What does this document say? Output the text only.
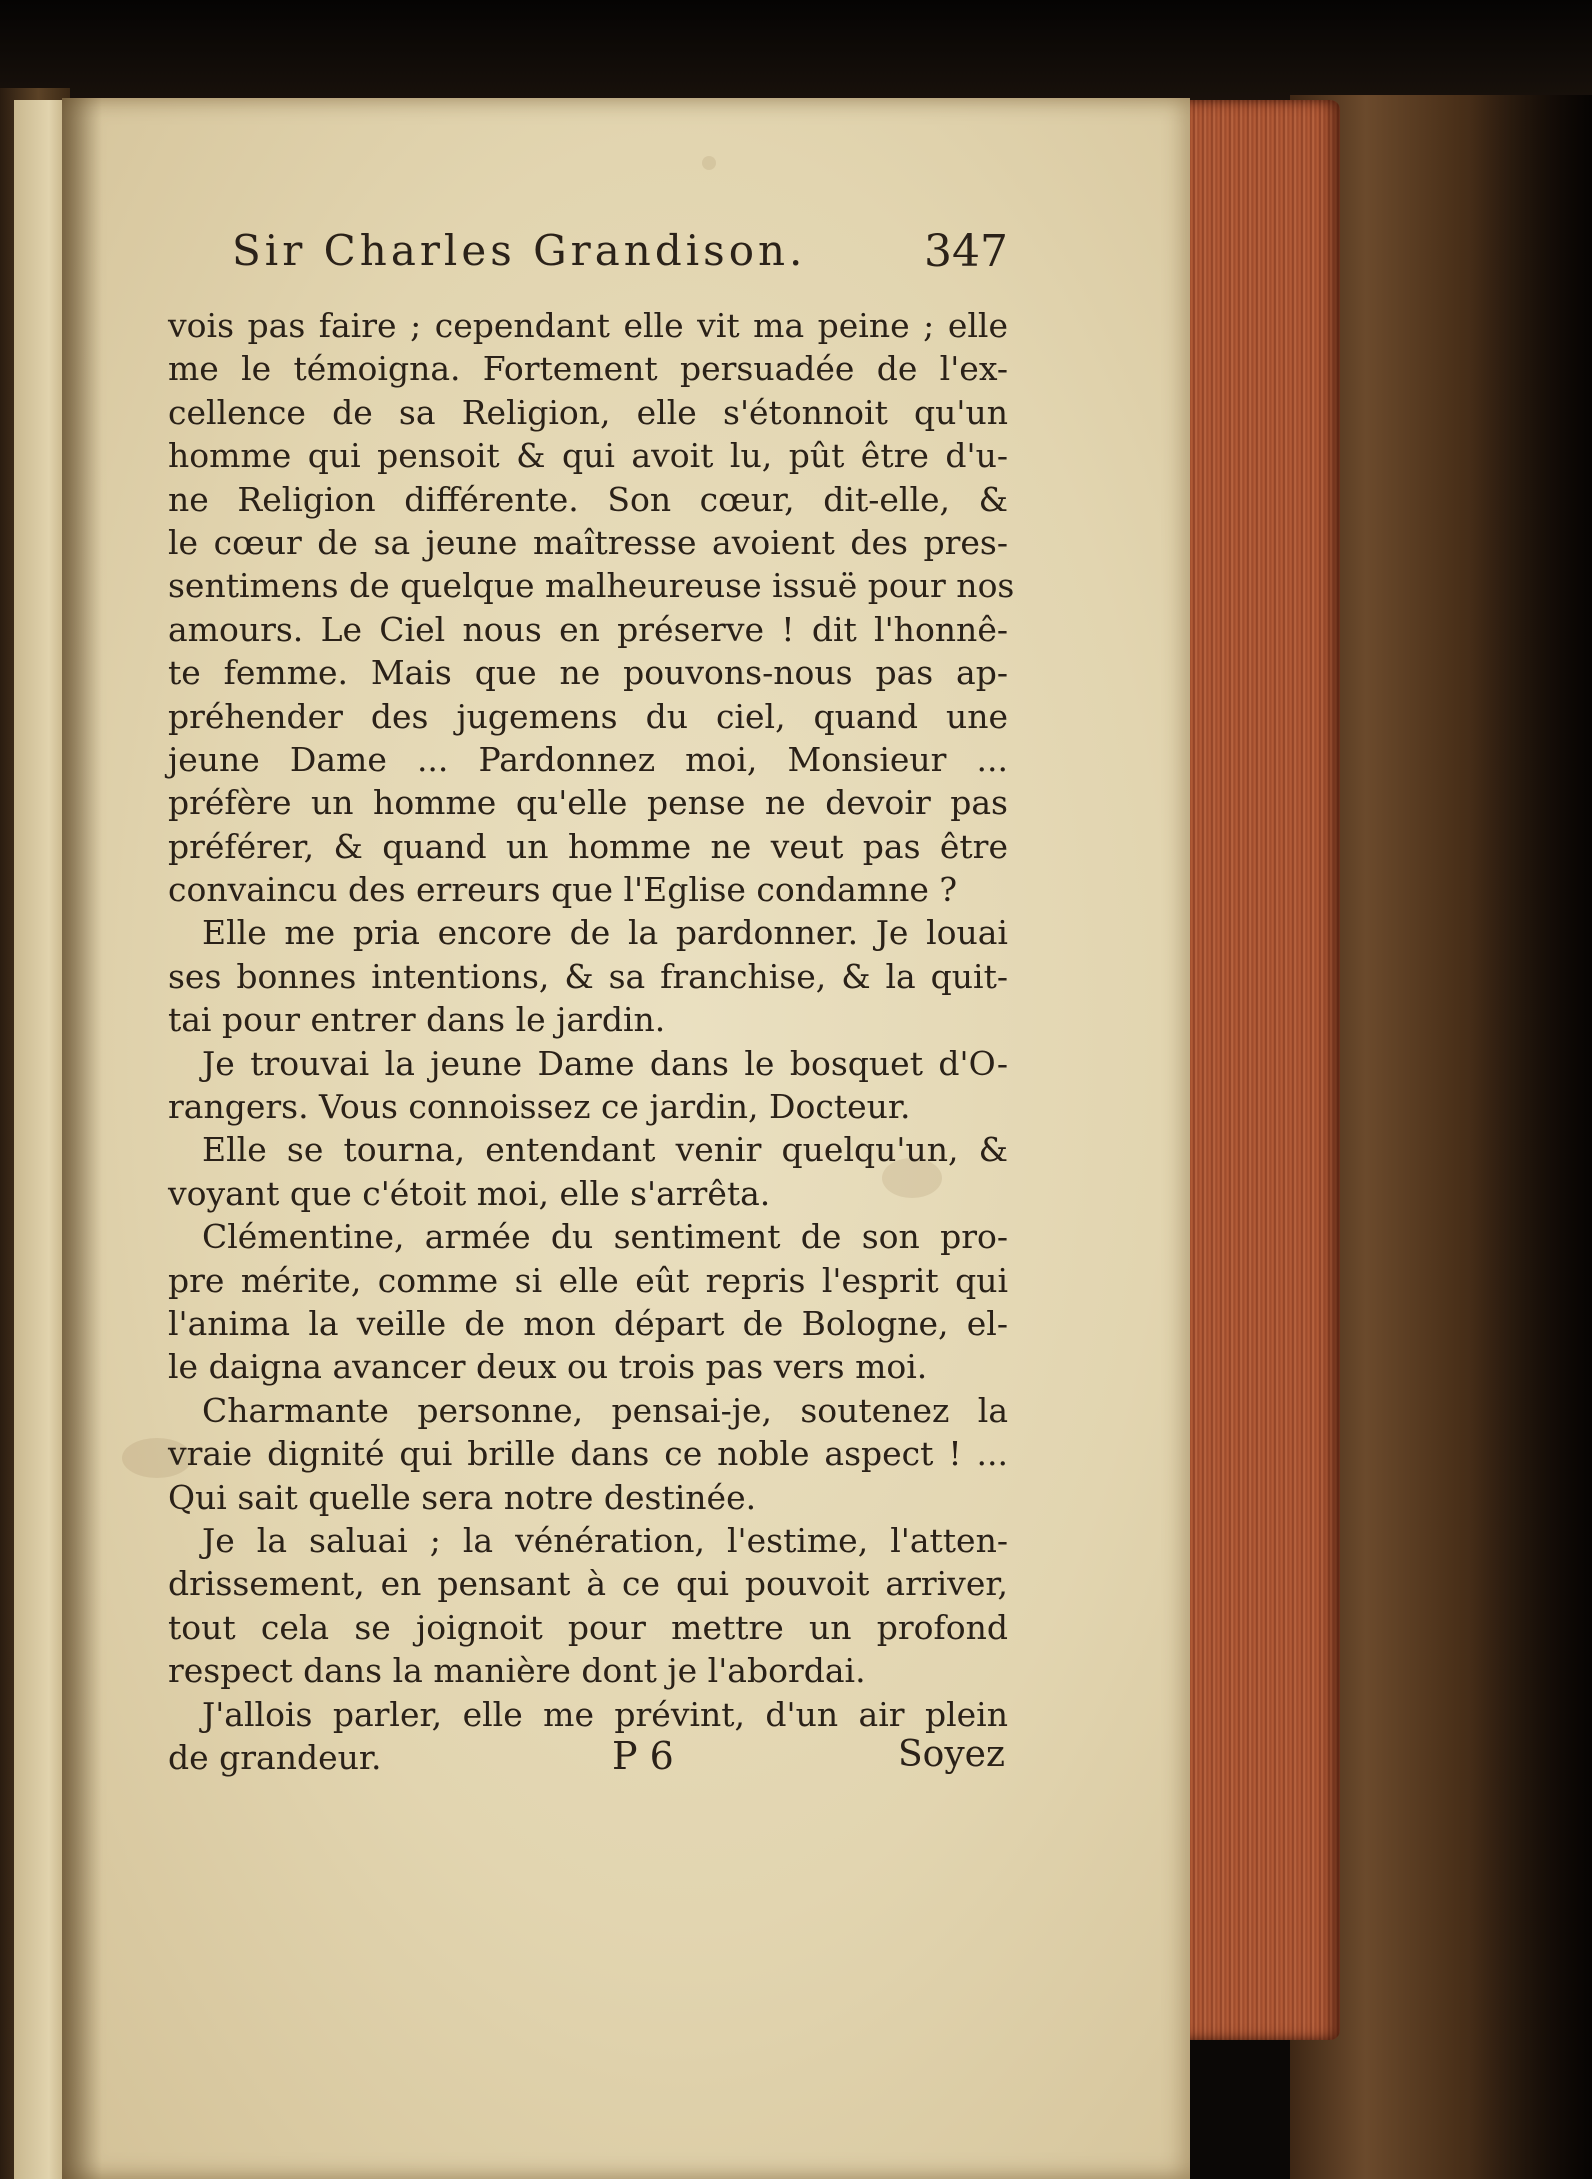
Sir Charles Grandison.	347
vois pas faire ; cependant elle vit ma peine ; elle
me le témoigna. Fortement persuadée de l'ex-
cellence de sa Religion, elle s'étonnoit qu'un
homme qui pensoit & qui avoit lu, pût être d'u-
ne Religion différente. Son cœur, dit-elle, &
le cœur de sa jeune maîtresse avoient des pres-
sentimens de quelque malheureuse issuë pour nos
amours. Le Ciel nous en préserve ! dit l'honnê-
te femme. Mais que ne pouvons-nous pas ap-
préhender des jugemens du ciel, quand une
jeune Dame ... Pardonnez moi, Monsieur ...
préfère un homme qu'elle pense ne devoir pas
préférer, & quand un homme ne veut pas être
convaincu des erreurs que l'Eglise condamne ?
Elle me pria encore de la pardonner. Je louai
ses bonnes intentions, & sa franchise, & la quit-
tai pour entrer dans le jardin.
Je trouvai la jeune Dame dans le bosquet d'O-
rangers. Vous connoissez ce jardin, Docteur.
Elle se tourna, entendant venir quelqu'un, &
voyant que c'étoit moi, elle s'arrêta.
Clémentine, armée du sentiment de son pro-
pre mérite, comme si elle eût repris l'esprit qui
l'anima la veille de mon départ de Bologne, el-
le daigna avancer deux ou trois pas vers moi.
Charmante personne, pensai-je, soutenez la
vraie dignité qui brille dans ce noble aspect ! ...
Qui sait quelle sera notre destinée.
Je la saluai ; la vénération, l'estime, l'atten-
drissement, en pensant à ce qui pouvoit arriver,
tout cela se joignoit pour mettre un profond
respect dans la manière dont je l'abordai.
J'allois parler, elle me prévint, d'un air plein
de grandeur.	P 6	Soyez
